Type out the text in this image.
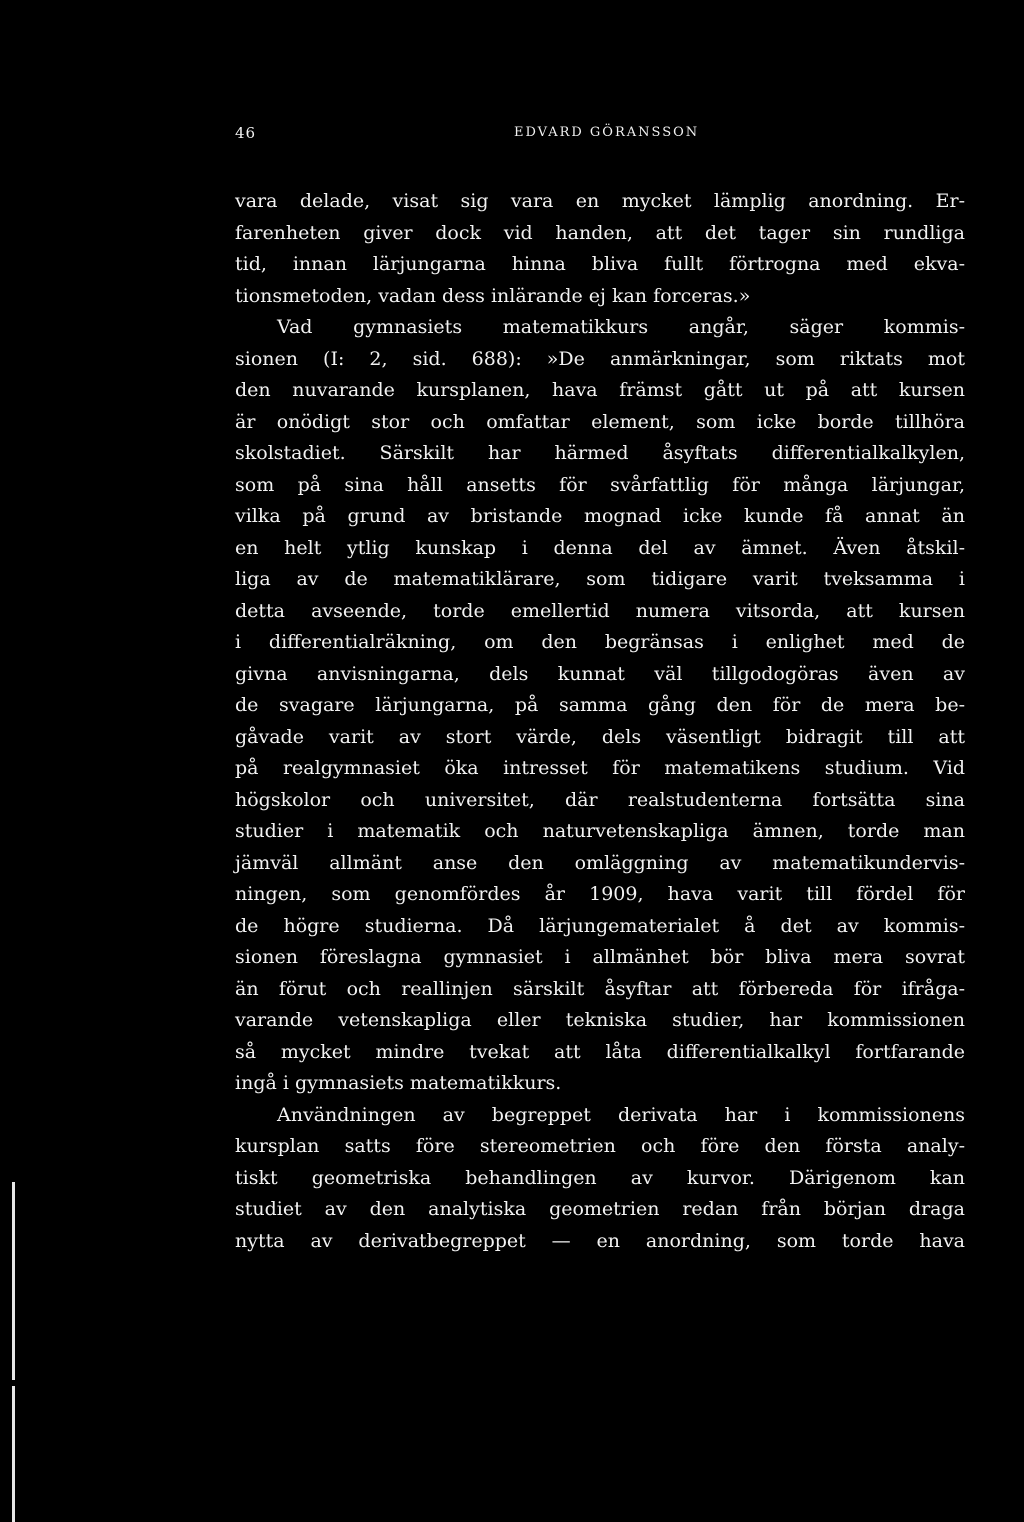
46	EDVARD GÖRANSSON
vara delade, visat sig vara en mycket lämplig anordning. Er-
farenheten giver dock vid handen, att det tager sin rundliga
tid, innan lärjungarna hinna bliva fullt förtrogna med ekva-
tionsmetoden, vadan dess inlärande ej kan forceras.»
Vad gymnasiets matematikkurs angår, säger kommis-
sionen (I: 2, sid. 688): »De anmärkningar, som riktats mot
den nuvarande kursplanen, hava främst gått ut på att kursen
är onödigt stor och omfattar element, som icke borde tillhöra
skolstadiet. Särskilt har härmed åsyftats differentialkalkylen,
som på sina håll ansetts för svårfattlig för många lärjungar,
vilka på grund av bristande mognad icke kunde få annat än
en helt ytlig kunskap i denna del av ämnet. Även åtskil-
liga av de matematiklärare, som tidigare varit tveksamma i
detta avseende, torde emellertid numera vitsorda, att kursen
i differentialräkning, om den begränsas i enlighet med de
givna anvisningarna, dels kunnat väl tillgodogöras även av
de svagare lärjungarna, på samma gång den för de mera be-
gåvade varit av stort värde, dels väsentligt bidragit till att
på realgymnasiet öka intresset för matematikens studium. Vid
högskolor och universitet, där realstudenterna fortsätta sina
studier i matematik och naturvetenskapliga ämnen, torde man
jämväl allmänt anse den omläggning av matematikundervis-
ningen, som genomfördes år 1909, hava varit till fördel för
de högre studierna. Då lärjungematerialet å det av kommis-
sionen föreslagna gymnasiet i allmänhet bör bliva mera sovrat
än förut och reallinjen särskilt åsyftar att förbereda för ifråga-
varande vetenskapliga eller tekniska studier, har kommissionen
så mycket mindre tvekat att låta differentialkalkyl fortfarande
ingå i gymnasiets matematikkurs.
Användningen av begreppet derivata har i kommissionens
kursplan satts före stereometrien och före den första analy-
tiskt geometriska behandlingen av kurvor. Därigenom kan
studiet av den analytiska geometrien redan från början draga
nytta av derivatbegreppet — en anordning, som torde hava
